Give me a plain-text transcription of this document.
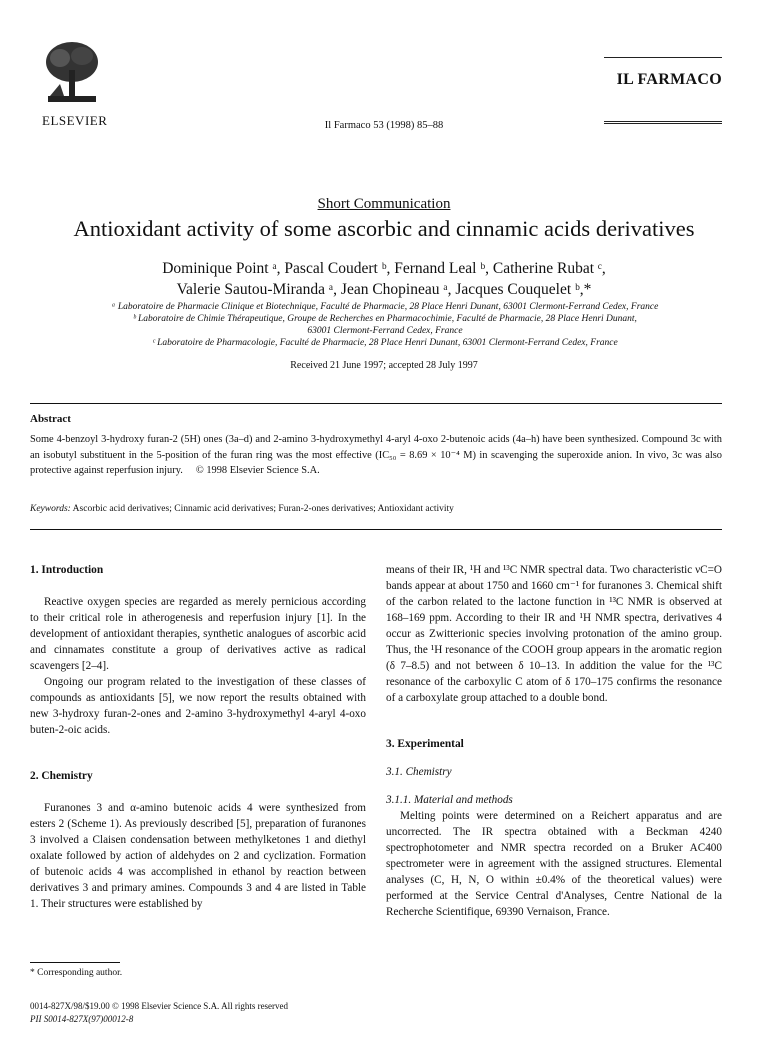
ELSEVIER	Il Farmaco 53 (1998) 85–88
IL FARMACO
Short Communication
Antioxidant activity of some ascorbic and cinnamic acids derivatives
Dominique Point ᵃ, Pascal Coudert ᵇ, Fernand Leal ᵇ, Catherine Rubat ᶜ,
Valerie Sautou-Miranda ᵃ, Jean Chopineau ᵃ, Jacques Couquelet ᵇ,*
ᵃ Laboratoire de Pharmacie Clinique et Biotechnique, Faculté de Pharmacie, 28 Place Henri Dunant, 63001 Clermont-Ferrand Cedex, France
ᵇ Laboratoire de Chimie Thérapeutique, Groupe de Recherches en Pharmacochimie, Faculté de Pharmacie, 28 Place Henri Dunant,
63001 Clermont-Ferrand Cedex, France
ᶜ Laboratoire de Pharmacologie, Faculté de Pharmacie, 28 Place Henri Dunant, 63001 Clermont-Ferrand Cedex, France
Received 21 June 1997; accepted 28 July 1997
Abstract
Some 4-benzoyl 3-hydroxy furan-2 (5H) ones (3a–d) and 2-amino 3-hydroxymethyl 4-aryl 4-oxo 2-butenoic acids (4a–h) have been synthesized. Compound 3c with an isobutyl substituent in the 5-position of the furan ring was the most effective (IC₅₀ = 8.69 × 10⁻⁴ M) in scavenging the superoxide anion. In vivo, 3c was also protective against reperfusion injury. © 1998 Elsevier Science S.A.
Keywords: Ascorbic acid derivatives; Cinnamic acid derivatives; Furan-2-ones derivatives; Antioxidant activity
1. Introduction

Reactive oxygen species are regarded as merely pernicious according to their critical role in atherogenesis and reperfusion injury [1]. In the development of antioxidant therapies, synthetic analogues of ascorbic acid and cinnamates constitute a group of derivatives active as radical scavengers [2–4].

Ongoing our program related to the investigation of these classes of compounds as antioxidants [5], we now report the results obtained with new 3-hydroxy furan-2-ones and 2-amino 3-hydroxymethyl 4-aryl 4-oxo buten-2-oic acids.

2. Chemistry

Furanones 3 and α-amino butenoic acids 4 were synthesized from esters 2 (Scheme 1). As previously described [5], preparation of furanones 3 involved a Claisen condensation between methylketones 1 and diethyl oxalate followed by action of aldehydes on 2 and cyclization. Formation of butenoic acids 4 was accomplished in ethanol by reaction between derivatives 3 and primary amines. Compounds 3 and 4 are listed in Table 1. Their structures were established by

means of their IR, ¹H and ¹³C NMR spectral data. Two characteristic νC=O bands appear at about 1750 and 1660 cm⁻¹ for furanones 3. Chemical shift of the carbon related to the lactone function in ¹³C NMR is observed at 168–169 ppm. According to their IR and ¹H NMR spectra, derivatives 4 occur as Zwitterionic species involving protonation of the amino group. Thus, the ¹H resonance of the COOH group appears in the aromatic region (δ 7–8.5) and not between δ 10–13. In addition the value for the ¹³C resonance of the carboxylic C atom of δ 170–175 confirms the resonance of a carboxylate group attached to a double bond.

3. Experimental
3.1. Chemistry
3.1.1. Material and methods

Melting points were determined on a Reichert apparatus and are uncorrected. The IR spectra obtained with a Beckman 4240 spectrophotometer and NMR spectra recorded on a Bruker AC400 spectrometer were in agreement with the assigned structures. Elemental analyses (C, H, N, O within ±0.4% of the theoretical values) were performed at the Service Central d'Analyses, Centre National de la Recherche Scientifique, 69390 Vernaison, France.

* Corresponding author.
0014-827X/98/$19.00 © 1998 Elsevier Science S.A. All rights reserved
PII S0014-827X(97)00012-8
